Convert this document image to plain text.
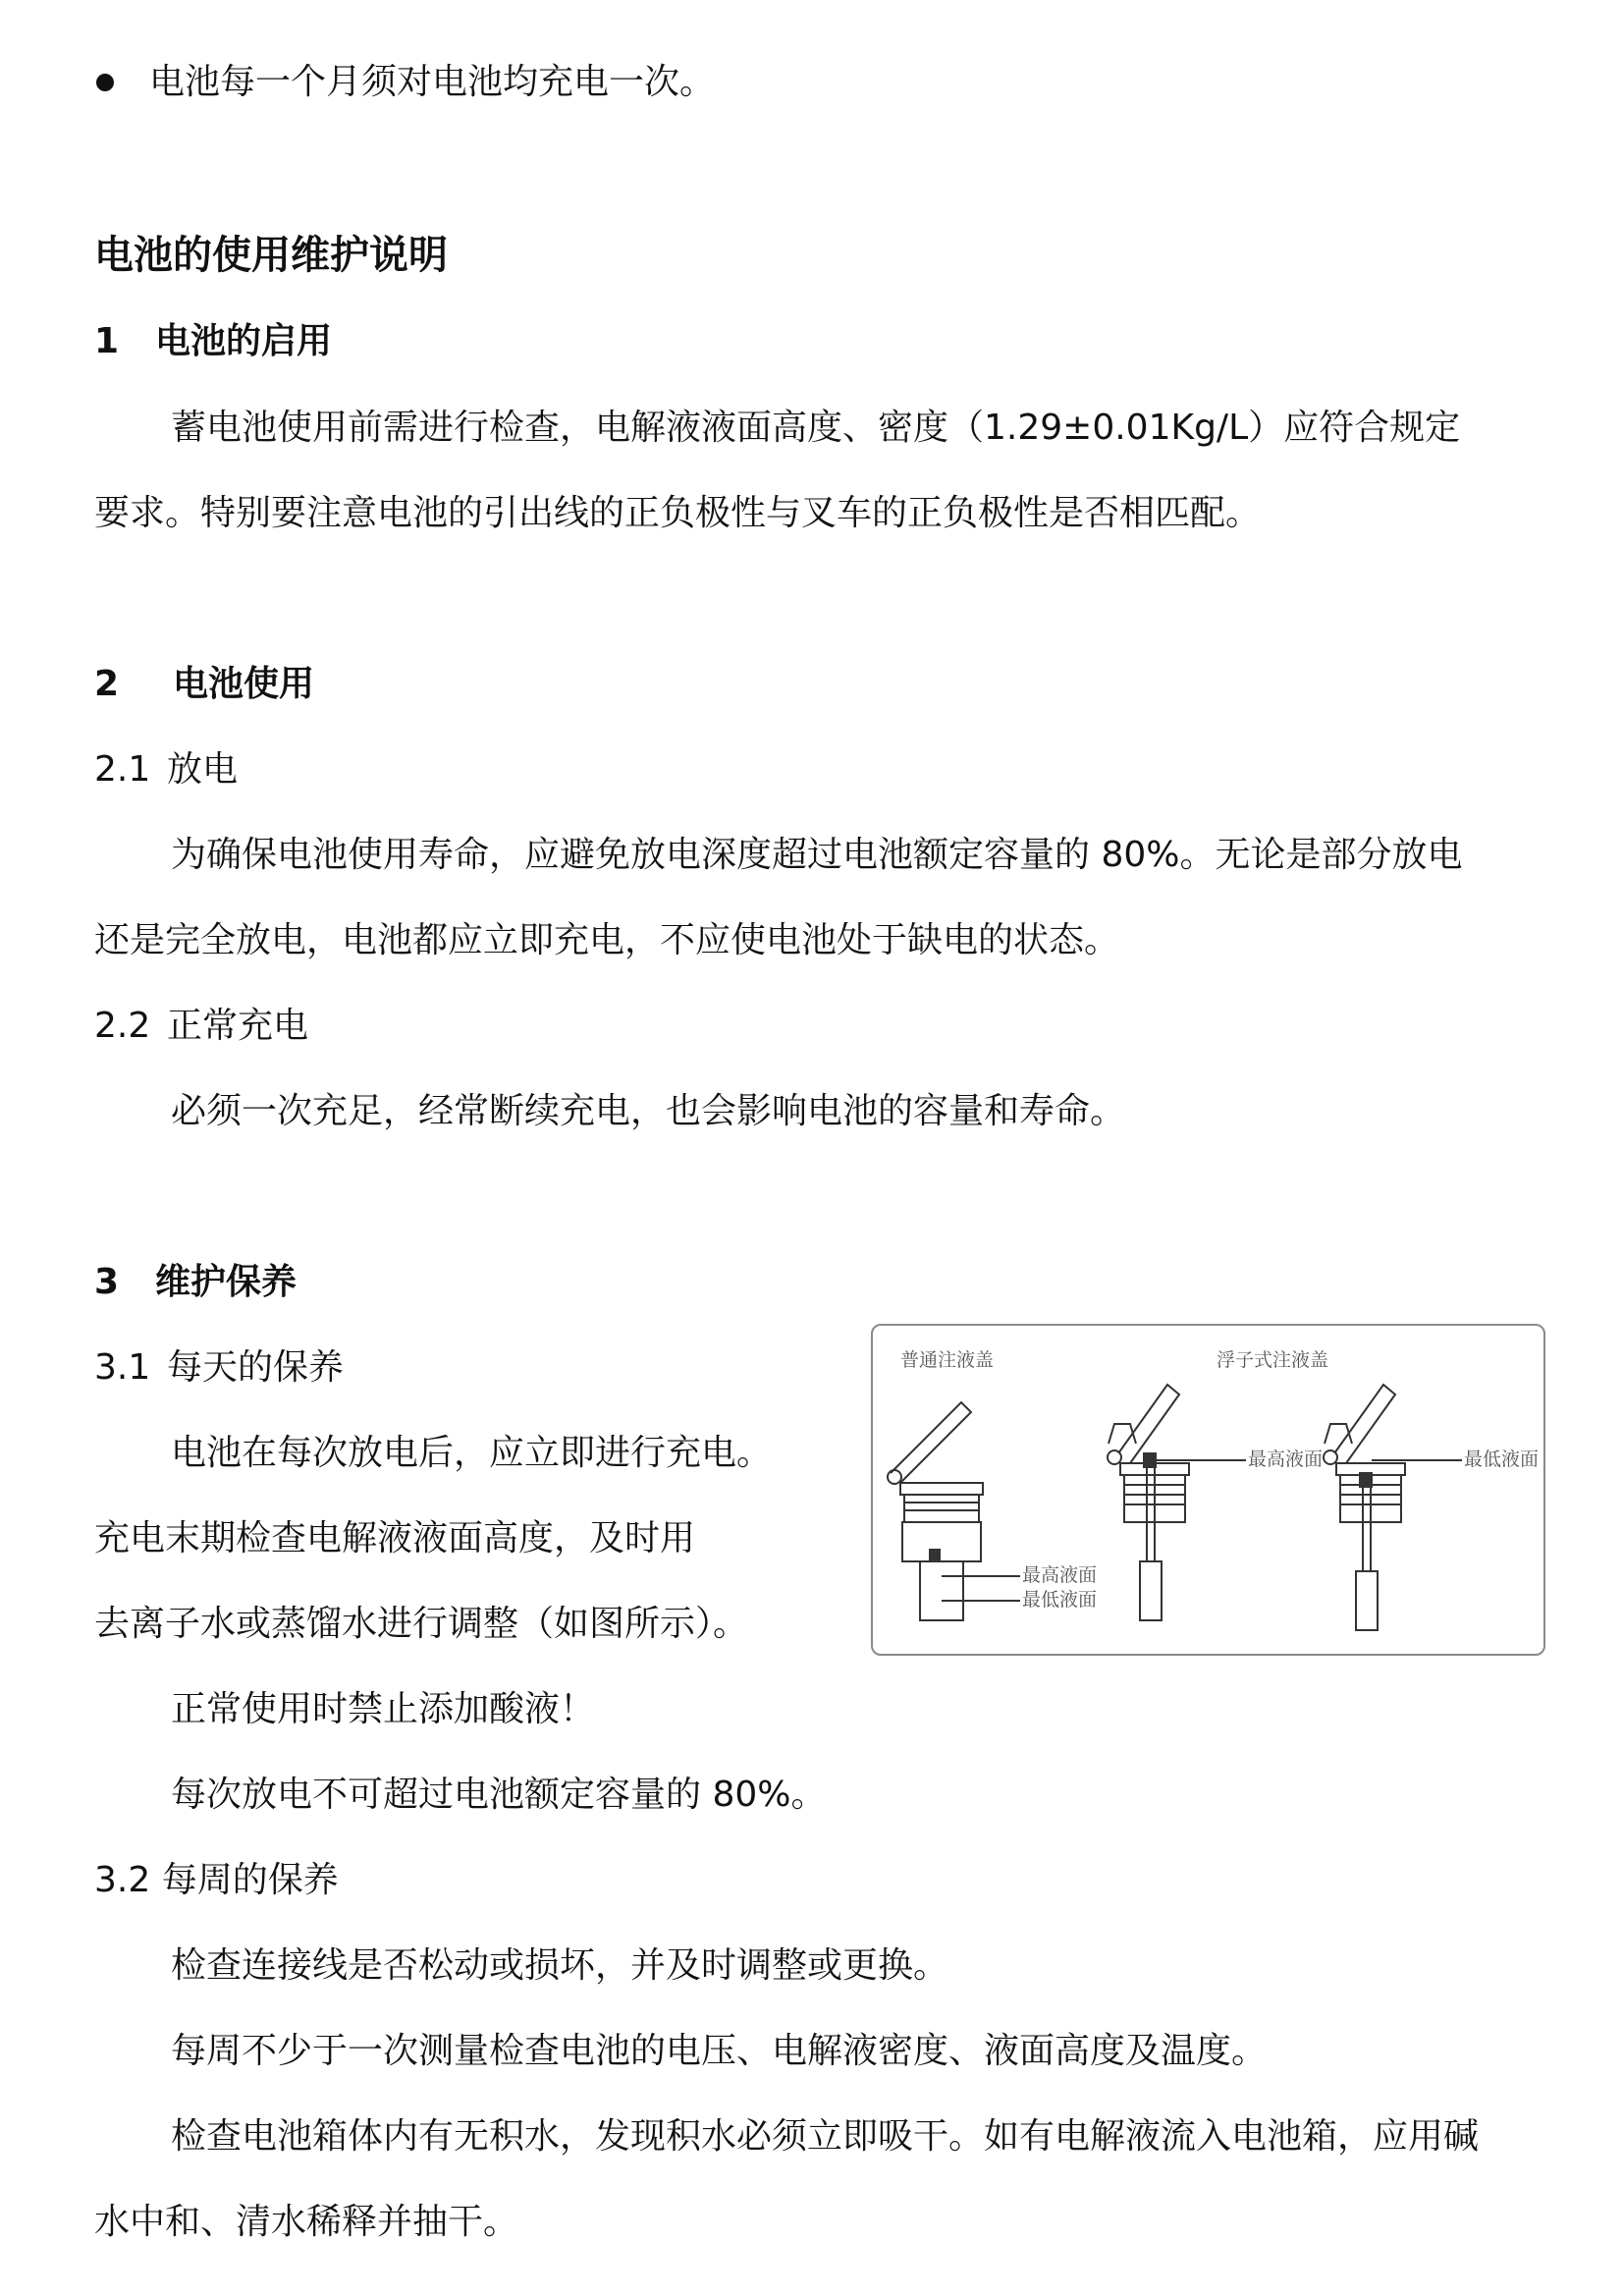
电池每一个月须对电池均充电一次。
电池的使用维护说明
1 电池的启用
蓄电池使用前需进行检查，电解液液面高度、密度（1.29±0.01Kg/L）应符合规定
要求。特别要注意电池的引出线的正负极性与叉车的正负极性是否相匹配。
2 电池使用
2.1 放电
为确保电池使用寿命，应避免放电深度超过电池额定容量的 80%。无论是部分放电
还是完全放电，电池都应立即充电，不应使电池处于缺电的状态。
2.2 正常充电
必须一次充足，经常断续充电，也会影响电池的容量和寿命。
3 维护保养
3.1 每天的保养
电池在每次放电后，应立即进行充电。
充电末期检查电解液液面高度，及时用
去离子水或蒸馏水进行调整（如图所示）。
正常使用时禁止添加酸液！
每次放电不可超过电池额定容量的 80%。
3.2 每周的保养
检查连接线是否松动或损坏，并及时调整或更换。
每周不少于一次测量检查电池的电压、电解液密度、液面高度及温度。
检查电池箱体内有无积水，发现积水必须立即吸干。如有电解液流入电池箱，应用碱
水中和、清水稀释并抽干。
普通注液盖	浮子式注液盖
最高液面
最低液面
最高液面	最低液面
